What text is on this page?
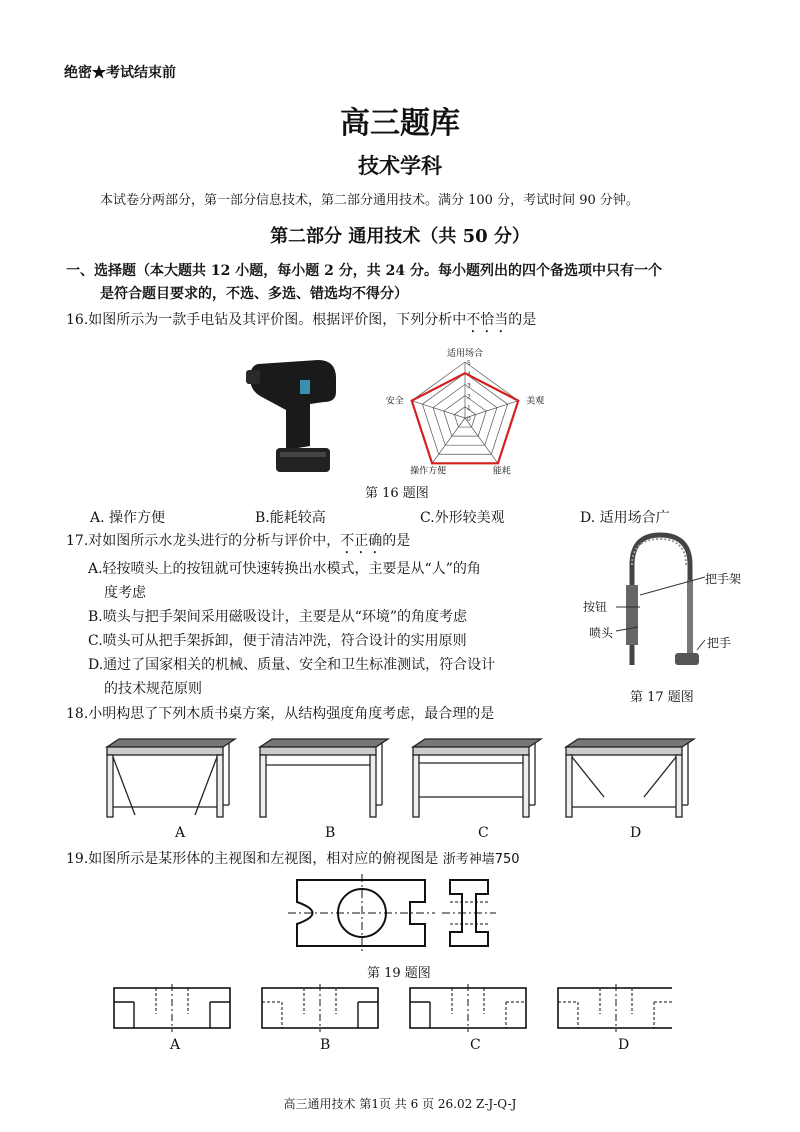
绝密★考试结束前
高三题库
技术学科
本试卷分两部分，第一部分信息技术，第二部分通用技术。满分 100 分，考试时间 90 分钟。
第二部分 通用技术（共 50 分）
一、选择题（本大题共 12 小题，每小题 2 分，共 24 分。每小题列出的四个备选项中只有一个
是符合题目要求的，不选、多选、错选均不得分）
16.如图所示为一款手电钻及其评价图。根据评价图，下列分析中不恰当的是
0
1
2
3
4
5
适用场合
美观
能耗
操作方便
安全
第 16 题图
A. 操作方便	B.能耗较高	C.外形较美观	D. 适用场合广
17.对如图所示水龙头进行的分析与评价中，不正确的是
A.轻按喷头上的按钮就可快速转换出水模式，主要是从“人”的角
度考虑
B.喷头与把手架间采用磁吸设计，主要是从“环境”的角度考虑
C.喷头可从把手架拆卸，便于清洁冲洗，符合设计的实用原则
D.通过了国家相关的机械、质量、安全和卫生标准测试，符合设计
的技术规范原则
把手架
按钮
喷头
把手
第 17 题图
18.小明构思了下列木质书桌方案，从结构强度角度考虑，最合理的是
A	B	C	D
19.如图所示是某形体的主视图和左视图，相对应的俯视图是 浙考神墙750
第 19 题图
A	B	C	D
高三通用技术 第1页 共 6 页 26.02 Z-J-Q-J
